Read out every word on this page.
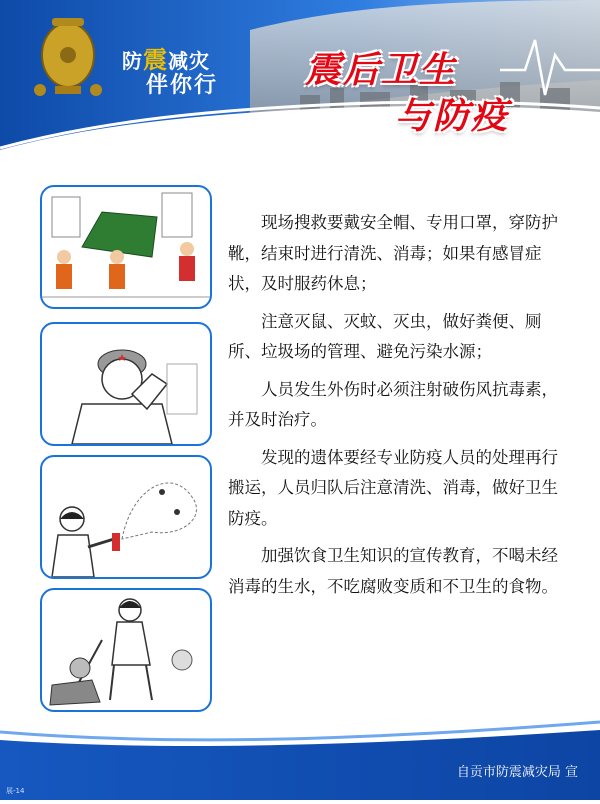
防震减灾
伴你行 震后卫生
与防疫

现场搜救要戴安全帽、专用口罩，穿防护靴，结束时进行清洗、消毒；如果有感冒症状，及时服药休息；

注意灭鼠、灭蚊、灭虫，做好粪便、厕所、垃圾场的管理、避免污染水源；

人员发生外伤时必须注射破伤风抗毒素，并及时治疗。

发现的遗体要经专业防疫人员的处理再行搬运，人员归队后注意清洗、消毒，做好卫生防疫。

加强饮食卫生知识的宣传教育，不喝未经消毒的生水，不吃腐败变质和不卫生的食物。

自贡市防震减灾局 宣
展-14
